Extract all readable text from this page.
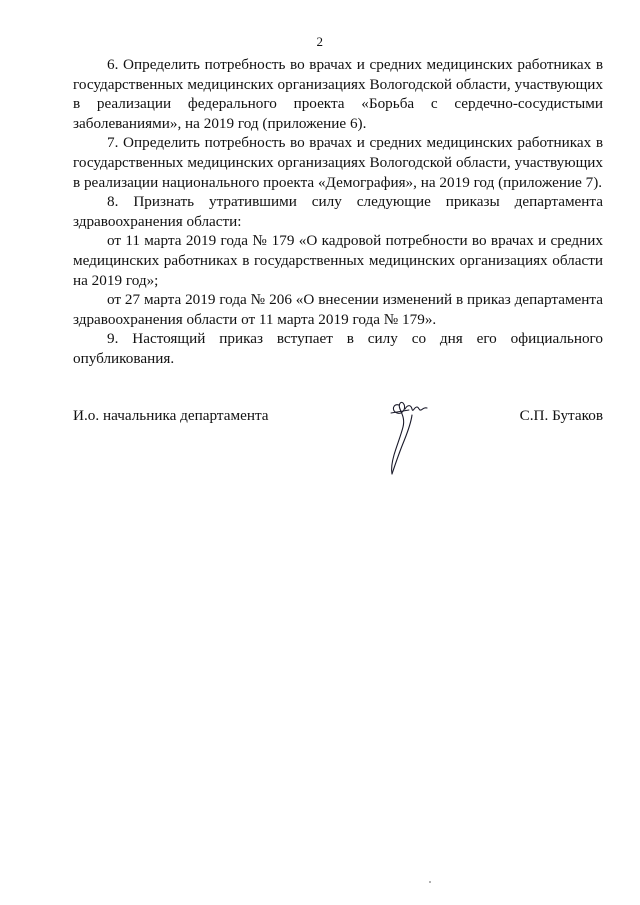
2

6. Определить потребность во врачах и средних медицинских работниках в государственных медицинских организациях Вологодской области, участвующих в реализации федерального проекта «Борьба с сердечно-сосудистыми заболеваниями», на 2019 год (приложение 6).

7. Определить потребность во врачах и средних медицинских работниках в государственных медицинских организациях Вологодской области, участвующих в реализации национального проекта «Демография», на 2019 год (приложение 7).

8. Признать утратившими силу следующие приказы департамента здравоохранения области:

от 11 марта 2019 года № 179 «О кадровой потребности во врачах и средних медицинских работниках в государственных медицинских организациях области на 2019 год»;

от 27 марта 2019 года № 206 «О внесении изменений в приказ департамента здравоохранения области от 11 марта 2019 года № 179».

9. Настоящий приказ вступает в силу со дня его официального опубликования.

И.о. начальника департамента	С.П. Бутаков
